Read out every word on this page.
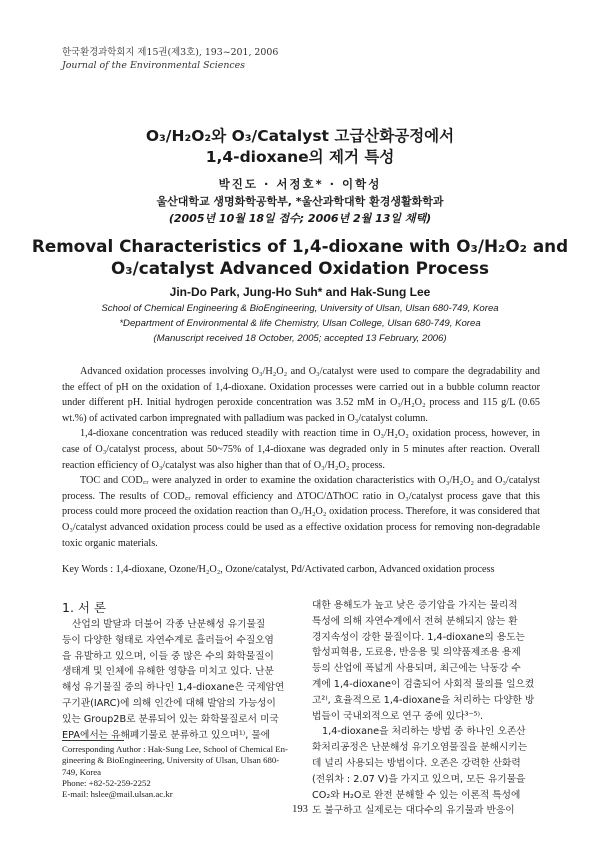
한국환경과학회지 제15권(제3호), 193~201, 2006
Journal of the Environmental Sciences
O₃/H₂O₂와 O₃/Catalyst 고급산화공정에서
1,4-dioxane의 제거 특성
박진도 · 서정호* · 이학성
울산대학교 생명화학공학부, *울산과학대학 환경생활화학과
(2005년 10월 18일 접수; 2006년 2월 13일 채택)
Removal Characteristics of 1,4-dioxane with O₃/H₂O₂ and
O₃/catalyst Advanced Oxidation Process
Jin-Do Park, Jung-Ho Suh* and Hak-Sung Lee
School of Chemical Engineering & BioEngineering, University of Ulsan, Ulsan 680-749, Korea
*Department of Environmental & life Chemistry, Ulsan College, Ulsan 680-749, Korea
(Manuscript received 18 October, 2005; accepted 13 February, 2006)

Advanced oxidation processes involving O₃/H₂O₂ and O₃/catalyst were used to compare the degradability and the effect of pH on the oxidation of 1,4-dioxane. Oxidation processes were carried out in a bubble column reactor under different pH. Initial hydrogen peroxide concentration was 3.52 mM in O₃/H₂O₂ process and 115 g/L (0.65 wt.%) of activated carbon impregnated with palladium was packed in O₃/catalyst column.

1,4-dioxane concentration was reduced steadily with reaction time in O₃/H₂O₂ oxidation process, however, in case of O₃/catalyst process, about 50~75% of 1,4-dioxane was degraded only in 5 minutes after reaction. Overall reaction efficiency of O₃/catalyst was also higher than that of O₃/H₂O₂ process.

TOC and COD꜀ᵣ were analyzed in order to examine the oxidation characteristics with O₃/H₂O₂ and O₃/catalyst process. The results of COD꜀ᵣ removal efficiency and ΔTOC/ΔThOC ratio in O₃/catalyst process gave that this process could more proceed the oxidation reaction than O₃/H₂O₂ oxidation process. Therefore, it was considered that O₃/catalyst advanced oxidation process could be used as a effective oxidation process for removing non-degradable toxic organic materials.

Key Words : 1,4-dioxane, Ozone/H₂O₂, Ozone/catalyst, Pd/Activated carbon, Advanced oxidation process
1. 서 론
산업의 발달과 더불어 각종 난분해성 유기물질
등이 다양한 형태로 자연수계로 흘러들어 수질오염
을 유발하고 있으며, 이들 중 많은 수의 화학물질이
생태계 및 인체에 유해한 영향을 미치고 있다. 난분
해성 유기물질 중의 하나인 1,4-dioxane은 국제암연
구기관(IARC)에 의해 인간에 대해 발암의 가능성이
있는 Group2B로 분류되어 있는 화학물질로서 미국
EPA에서는 유해폐기물로 분류하고 있으며¹⁾, 물에
Corresponding Author : Hak-Sung Lee, School of Chemical En-
gineering & BioEngineering, University of Ulsan, Ulsan 680-
749, Korea
Phone: +82-52-259-2252
E-mail: hslee@mail.ulsan.ac.kr
대한 용해도가 높고 낮은 증기압을 가지는 물리적
특성에 의해 자연수계에서 전혀 분해되지 않는 환
경지속성이 강한 물질이다. 1,4-dioxane의 용도는
합성피혁용, 도료용, 반응용 및 의약품제조용 용제
등의 산업에 폭넓게 사용되며, 최근에는 낙동강 수
계에 1,4-dioxane이 검출되어 사회적 물의를 일으켰
고²⁾, 효율적으로 1,4-dioxane을 처리하는 다양한 방
법들이 국내외적으로 연구 중에 있다³⁻⁵⁾.
1,4-dioxane을 처리하는 방법 중 하나인 오존산
화처리공정은 난분해성 유기오염물질을 분해시키는
데 널리 사용되는 방법이다. 오존은 강력한 산화력
(전위차 : 2.07 V)을 가지고 있으며, 모든 유기물을
CO₂와 H₂O로 완전 분해할 수 있는 이론적 특성에
도 불구하고 실제로는 대다수의 유기물과 반응이
193
